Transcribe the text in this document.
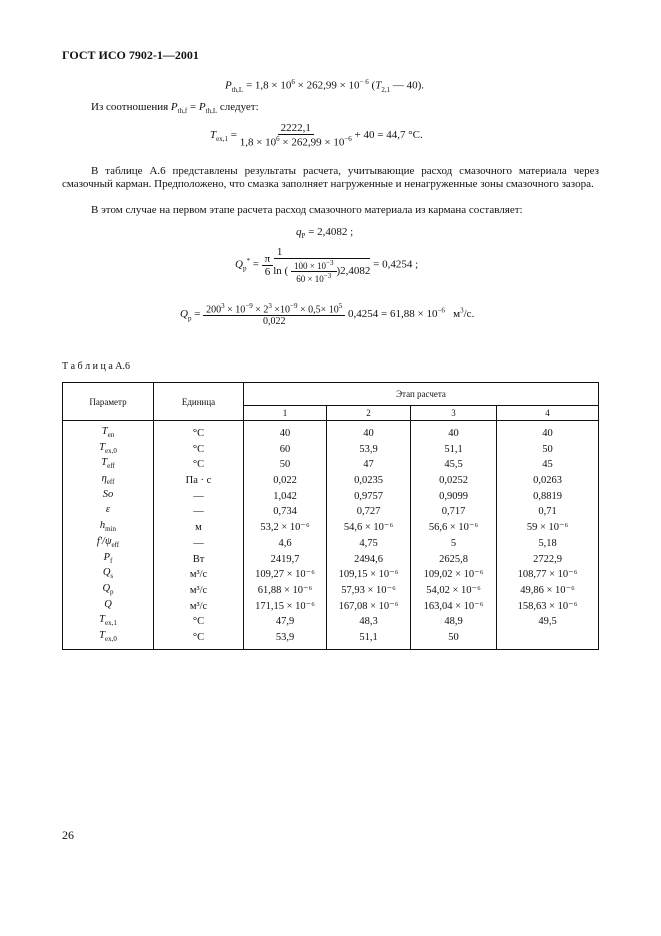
ГОСТ ИСО 7902-1—2001
$P_{th,L} = 1,8 \times 10^6 \times 262,99 \times 10^{- 6}$ ($T_{2,1}$ — 40).
Из соотношения $P_{th,f} = P_{th,L}$ следует:
$T_{ex,1} = \frac{2222,1}{1,8 \times 10^6 \times 262,99 \times 10^{-6}} + 40 = 44,7$ °C.
В таблице А.6 представлены результаты расчета, учитывающие расход смазочного материала через смазочный карман. Предположено, что смазка заполняет нагруженные и ненагруженные зоны смазочного зазора.
В этом случае на первом этапе расчета расход смазочного материала из кармана составляет:
$q_P = 2,4082$ ;
$Q_p^* = \frac{\pi}{6} \frac{1}{\ln ( \frac{100 \times 10^{-3}}{60 \times 10^{-3}} )2,4082} = 0,4254$ ;
$Q_p = \frac{200^3 \times 10^{-9} \times 2^3 \times 10^{-9} \times 0,5\times 10^5}{0,022} 0,4254 = 61,88 \times 10^{-6}$ $м^3/с$.
Т а б л и ц а А.6
Параметр	Единица	Этап расчета			
		1	2	3	4
$T_{en}$	°C	40	40	40	40
$T_{ex,0}$	°C	60	53,9	51,1	50
$T_{eff}$	°C	50	47	45,5	45
$\eta_{eff}$	Па · с	0,022	0,0235	0,0252	0,0263
So	—	1,042	0,9757	0,9099	0,8819
ε	—	0,734	0,727	0,717	0,71
$h_{min}$	м	53,2 × 10⁻⁶	54,6 × 10⁻⁶	56,6 × 10⁻⁶	59 × 10⁻⁶
$f'/\psi_{eff}$	—	4,6	4,75	5	5,18
$P_f$	Вт	2419,7	2494,6	2625,8	2722,9
$Q_s$	м³/с	109,27 × 10⁻⁶	109,15 × 10⁻⁶	109,02 × 10⁻⁶	108,77 × 10⁻⁶
$Q_p$	м³/с	61,88 × 10⁻⁶	57,93 × 10⁻⁶	54,02 × 10⁻⁶	49,86 × 10⁻⁶
Q	м³/с	171,15 × 10⁻⁶	167,08 × 10⁻⁶	163,04 × 10⁻⁶	158,63 × 10⁻⁶
$T_{ex,1}$	°C	47,9	48,3	48,9	49,5
$T_{ex,0}$	°C	53,9	51,1	50	
26
